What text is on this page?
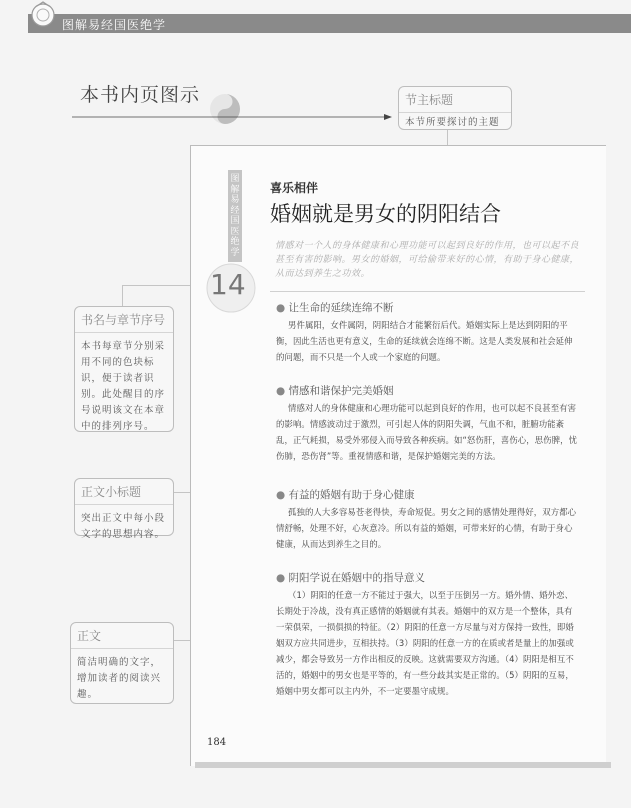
图解易经国医绝学
本书内页图示	节主标题
本节所要探讨的主题
书名与章节序号
本书每章节分别采用不同的色块标识，便于读者识别。此处醒目的序号说明该文在本章中的排列序号。
正文小标题
突出正文中每小段文字的思想内容。
正文
简洁明确的文字，增加读者的阅读兴趣。
图解易经国医绝学
14
喜乐相伴
婚姻就是男女的阴阳结合
情感对一个人的身体健康和心理功能可以起到良好的作用，也可以起不良甚至有害的影响。男女的婚姻，可给偷带来好的心情，有助于身心健康，从而达到养生之功效。
● 让生命的延续连绵不断
男件属阳，女件属阴，阴阳结合才能繁衍后代。婚姻实际上是达到阴阳的平衡，因此生活也更有意义，生命的延续就会连绵不断。这是人类发展和社会延伸的问题，而不只是一个人或一个家庭的问题。
● 情感和谐保护完美婚姻
情感对人的身体健康和心理功能可以起到良好的作用，也可以起不良甚至有害的影响。情感波动过于激烈，可引起人体的阴阳失调，气血不和，脏腑功能紊乱，正气耗损，易受外邪侵入而导致各种疾病。如“怒伤肝，喜伤心，思伤脾，忧伤肺，恐伤肾”等。重视情感和谐，是保护婚姻完美的方法。
● 有益的婚姻有助于身心健康
孤独的人大多容易苍老得快，寿命短促。男女之间的感情处理得好，双方都心情舒畅，处理不好，心灰意冷。所以有益的婚姻，可带来好的心情，有助于身心健康，从而达到养生之目的。
● 阴阳学说在婚姻中的指导意义
（1）阴阳的任意一方不能过于强大，以至于压倒另一方。婚外情、婚外恋、长期处于冷战，没有真正感情的婚姻就有其表。婚姻中的双方是一个整体，具有一荣俱荣，一损俱损的特征。（2）阴阳的任意一方尽量与对方保持一致性，即婚姻双方应共同进步，互相扶持。（3）阴阳的任意一方的在质或者是量上的加强或减少，都会导致另一方作出相反的反映。这就需要双方沟通。（4）阴阳是相互不活的，婚姻中的男女也是平等的，有一些分歧其实是正常的。（5）阴阳的互易，婚姻中男女都可以主内外，不一定要墨守成规。
184
